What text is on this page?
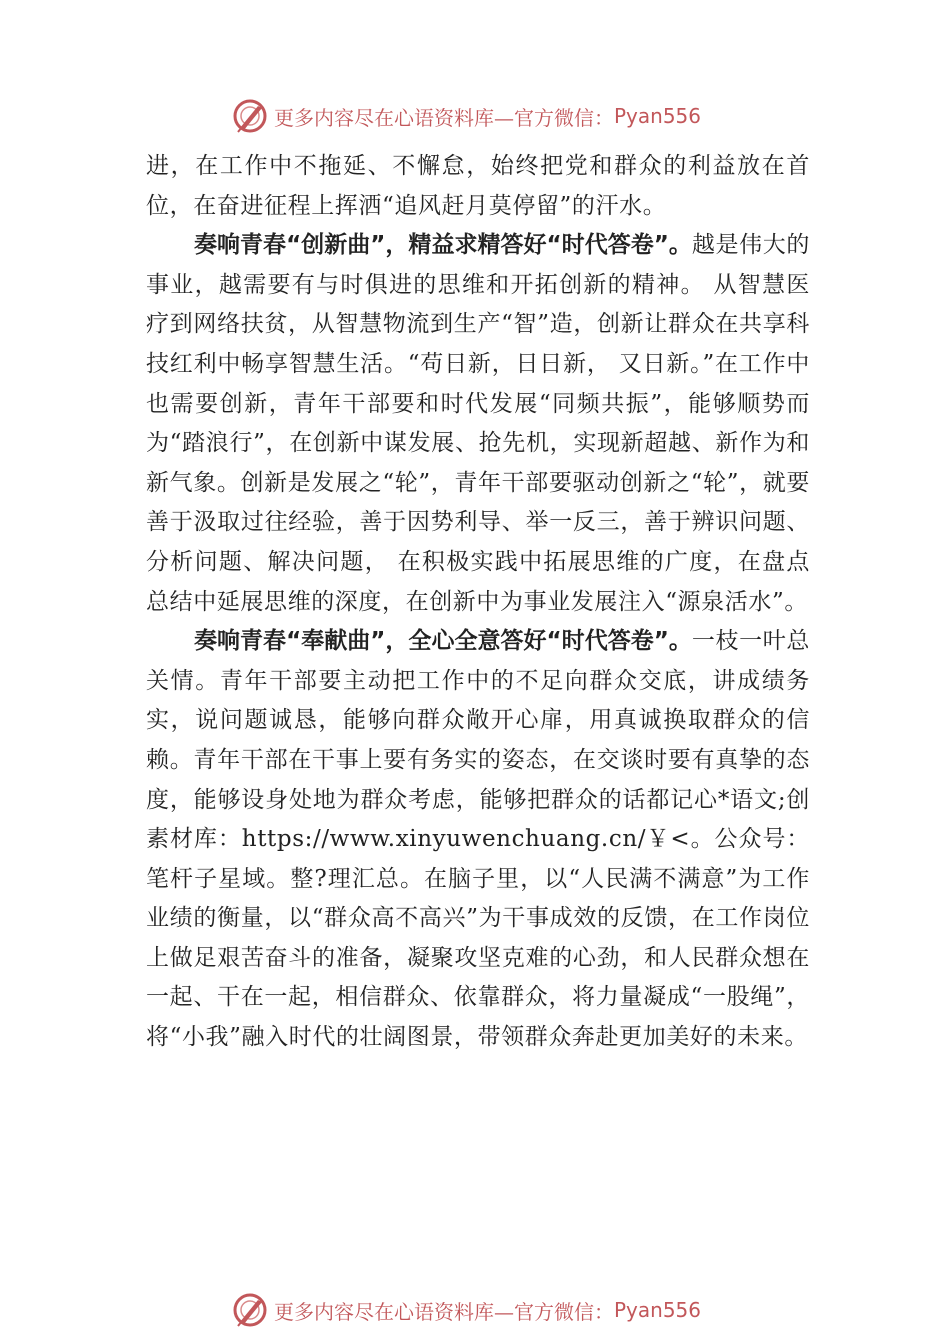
更多内容尽在心语资料库—官方微信： Pyan556

进，在工作中不拖延、不懈怠，始终把党和群众的利益放在首位，在奋进征程上挥洒“追风赶月莫停留”的汗水。

奏响青春“创新曲”，精益求精答好“时代答卷”。越是伟大的事业，越需要有与时俱进的思维和开拓创新的精神。 从智慧医疗到网络扶贫，从智慧物流到生产“智”造，创新让群众在共享科技红利中畅享智慧生活。“苟日新，日日新， 又日新。”在工作中也需要创新，青年干部要和时代发展“同频共振”，能够顺势而为“踏浪行”，在创新中谋发展、抢先机，实现新超越、新作为和新气象。创新是发展之“轮”，青年干部要驱动创新之“轮”，就要善于汲取过往经验，善于因势利导、举一反三，善于辨识问题、分析问题、解决问题， 在积极实践中拓展思维的广度，在盘点总结中延展思维的深度，在创新中为事业发展注入“源泉活水”。

奏响青春“奉献曲”，全心全意答好“时代答卷”。一枝一叶总关情。青年干部要主动把工作中的不足向群众交底，讲成绩务实，说问题诚恳，能够向群众敞开心扉，用真诚换取群众的信赖。青年干部在干事上要有务实的姿态，在交谈时要有真挚的态度，能够设身处地为群众考虑，能够把群众的话都记心*语文;创素材库：https://www.xinyuwenchuang.cn/￥<。公众号：笔杆子星域。整?理汇总。在脑子里，以“人民满不满意”为工作业绩的衡量，以“群众高不高兴”为干事成效的反馈，在工作岗位上做足艰苦奋斗的准备，凝聚攻坚克难的心劲，和人民群众想在一起、干在一起，相信群众、依靠群众，将力量凝成“一股绳”，将“小我”融入时代的壮阔图景，带领群众奔赴更加美好的未来。

更多内容尽在心语资料库—官方微信： Pyan556
